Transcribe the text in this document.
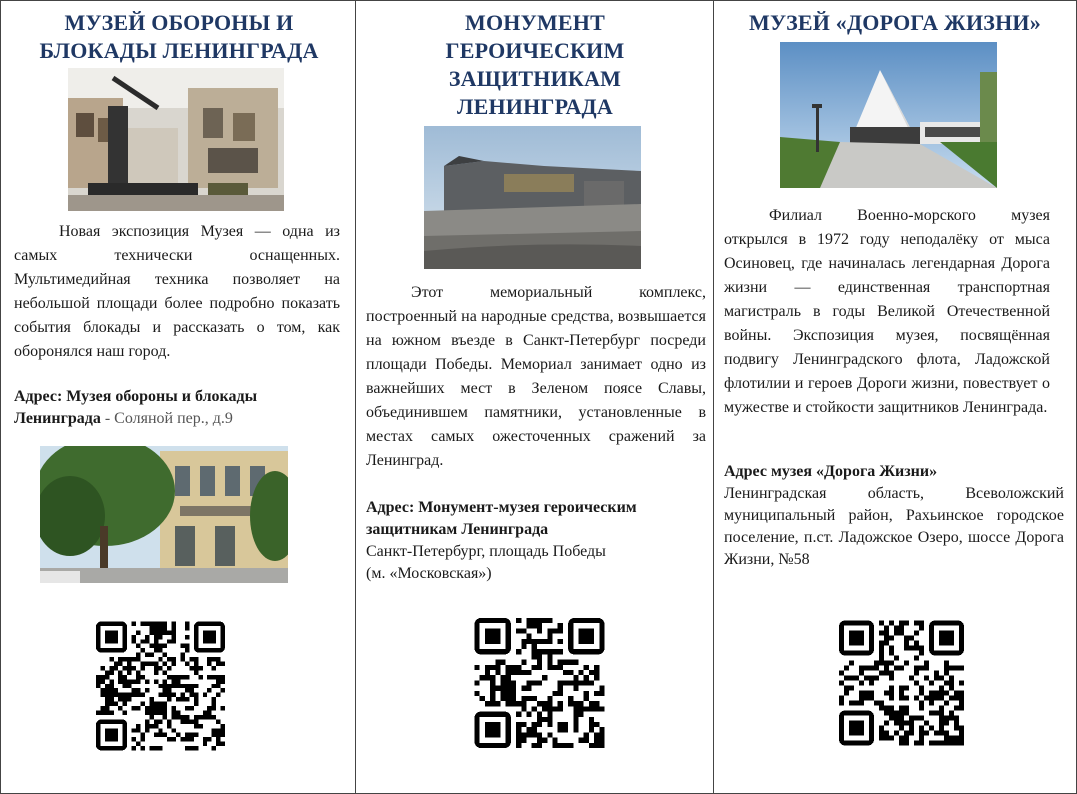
МУЗЕЙ ОБОРОНЫ И
БЛОКАДЫ ЛЕНИНГРАДА
Новая экспозиция Музея — одна из самых технически оснащенных. Мультимедийная техника позволяет на небольшой площади более подробно показать события блокады и рассказать о том, как оборонялся наш город.
Адрес: Музея обороны и блокады Ленинграда - Соляной пер., д.9
МОНУМЕНТ
ГЕРОИЧЕСКИМ
ЗАЩИТНИКАМ
ЛЕНИНГРАДА
Этот мемориальный комплекс, построенный на народные средства, возвышается на южном въезде в Санкт-Петербург посреди площади Победы. Мемориал занимает одно из важнейших мест в Зеленом поясе Славы, объединившем памятники, установленные в местах самых ожесточенных сражений за Ленинград.
Адрес: Монумент-музея героическим защитникам Ленинграда
Санкт-Петербург, площадь Победы
(м. «Московская»)
МУЗЕЙ «ДОРОГА ЖИЗНИ»
Филиал Военно-морского музея открылся в 1972 году неподалёку от мыса Осиновец, где начиналась легендарная Дорога жизни — единственная транспортная магистраль в годы Великой Отечественной войны. Экспозиция музея, посвящённая подвигу Ленинградского флота, Ладожской флотилии и героев Дороги жизни, повествует о мужестве и стойкости защитников Ленинграда.
Адрес музея «Дорога Жизни»
Ленинградская область, Всеволожский муниципальный район, Рахьинское городское поселение, п.ст. Ладожское Озеро, шоссе Дорога Жизни, №58
